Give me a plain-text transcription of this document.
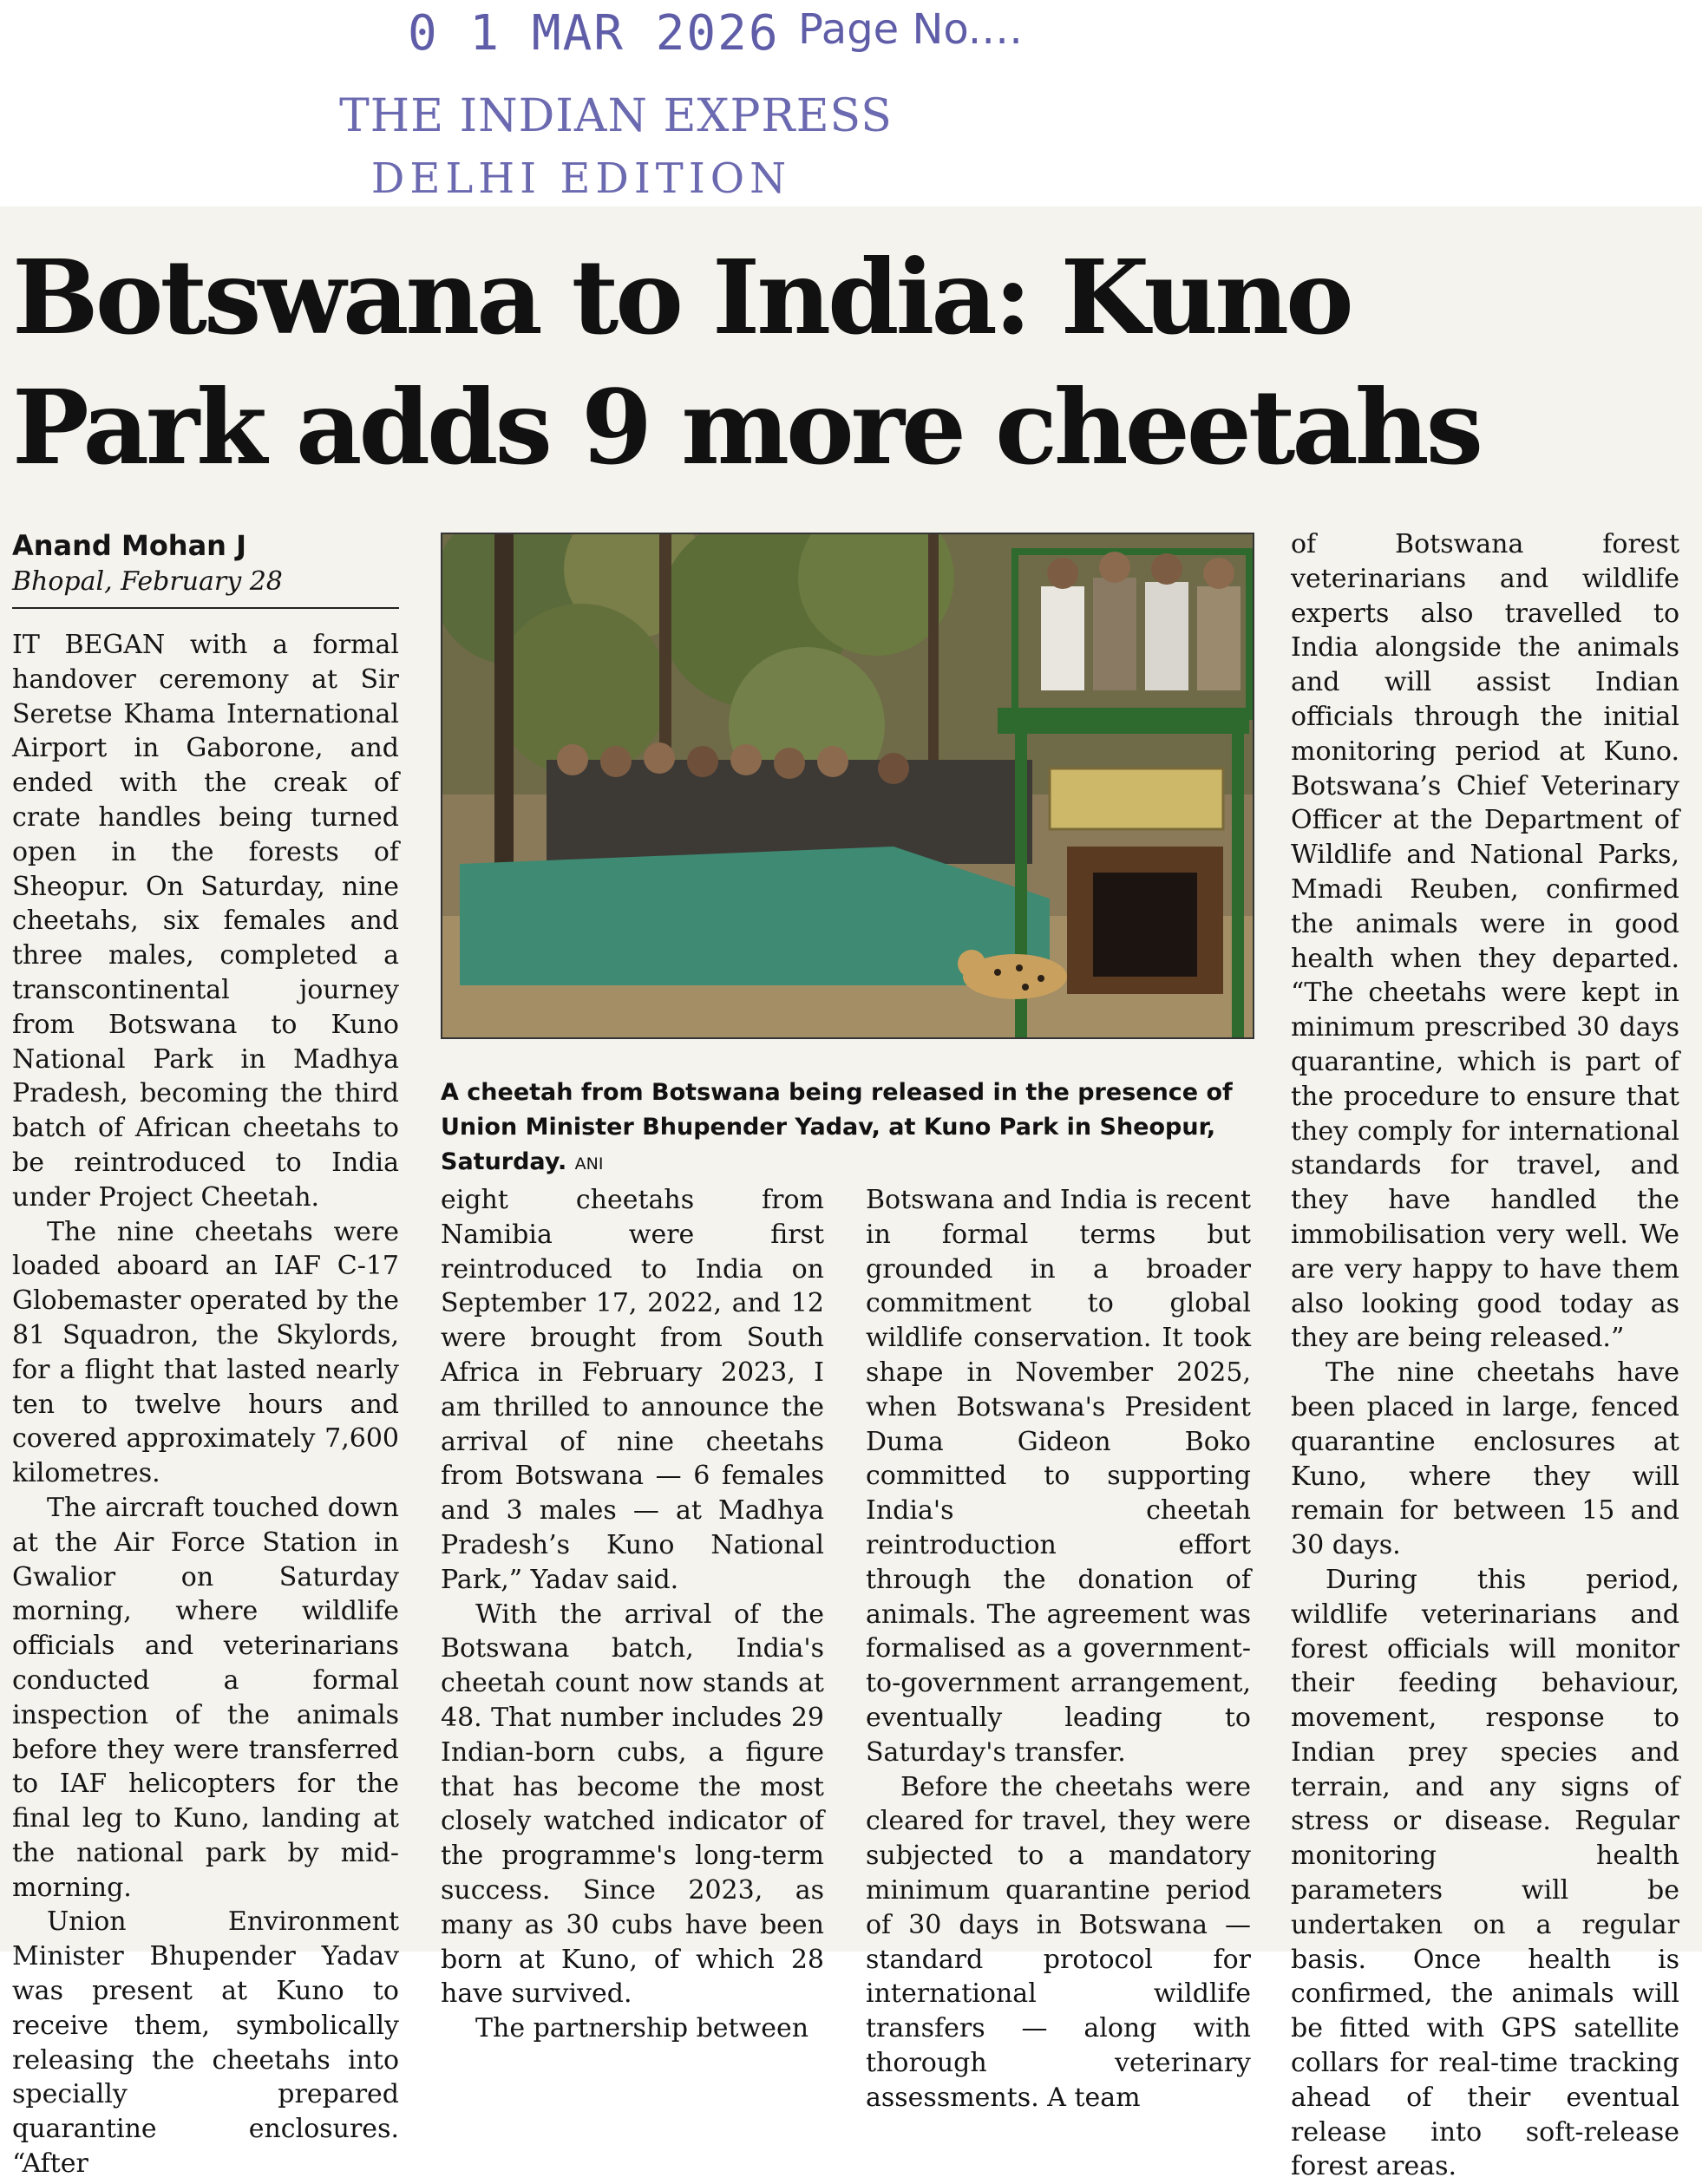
0 1 MAR 2026 Page No.…
THE INDIAN EXPRESS
DELHI EDITION
Botswana to India: Kuno
Park adds 9 more cheetahs
Anand Mohan J
Bhopal, February 28

IT BEGAN with a formal handover ceremony at Sir Seretse Khama International Airport in Gaborone, and ended with the creak of crate handles being turned open in the forests of Sheopur. On Saturday, nine cheetahs, six females and three males, completed a transcontinental journey from Botswana to Kuno National Park in Madhya Pradesh, becoming the third batch of African cheetahs to be reintroduced to India under Project Cheetah.

The nine cheetahs were loaded aboard an IAF C-17 Globemaster operated by the 81 Squadron, the Skylords, for a flight that lasted nearly ten to twelve hours and covered approximately 7,600 kilometres.

The aircraft touched down at the Air Force Station in Gwalior on Saturday morning, where wildlife officials and veterinarians conducted a formal inspection of the animals before they were transferred to IAF helicopters for the final leg to Kuno, landing at the national park by mid-morning.

Union Environment Minister Bhupender Yadav was present at Kuno to receive them, symbolically releasing the cheetahs into specially prepared quarantine enclosures. “After

A cheetah from Botswana being released in the presence of Union Minister Bhupender Yadav, at Kuno Park in Sheopur, Saturday. ANI

eight cheetahs from Namibia were first reintroduced to India on September 17, 2022, and 12 were brought from South Africa in February 2023, I am thrilled to announce the arrival of nine cheetahs from Botswana — 6 females and 3 males — at Madhya Pradesh’s Kuno National Park,” Yadav said.

With the arrival of the Botswana batch, India's cheetah count now stands at 48. That number includes 29 Indian-born cubs, a figure that has become the most closely watched indicator of the programme's long-term success. Since 2023, as many as 30 cubs have been born at Kuno, of which 28 have survived.

The partnership between

Botswana and India is recent in formal terms but grounded in a broader commitment to global wildlife conservation. It took shape in November 2025, when Botswana's President Duma Gideon Boko committed to supporting India's cheetah reintroduction effort through the donation of animals. The agreement was formalised as a government-to-government arrangement, eventually leading to Saturday's transfer.

Before the cheetahs were cleared for travel, they were subjected to a mandatory minimum quarantine period of 30 days in Botswana — standard protocol for international wildlife transfers — along with thorough veterinary assessments. A team

of Botswana forest veterinarians and wildlife experts also travelled to India alongside the animals and will assist Indian officials through the initial monitoring period at Kuno. Botswana’s Chief Veterinary Officer at the Department of Wildlife and National Parks, Mmadi Reuben, confirmed the animals were in good health when they departed. “The cheetahs were kept in minimum prescribed 30 days quarantine, which is part of the procedure to ensure that they comply for international standards for travel, and they have handled the immobilisation very well. We are very happy to have them also looking good today as they are being released.”

The nine cheetahs have been placed in large, fenced quarantine enclosures at Kuno, where they will remain for between 15 and 30 days.

During this period, wildlife veterinarians and forest officials will monitor their feeding behaviour, movement, response to Indian prey species and terrain, and any signs of stress or disease. Regular monitoring health parameters will be undertaken on a regular basis. Once health is confirmed, the animals will be fitted with GPS satellite collars for real-time tracking ahead of their eventual release into soft-release forest areas.
